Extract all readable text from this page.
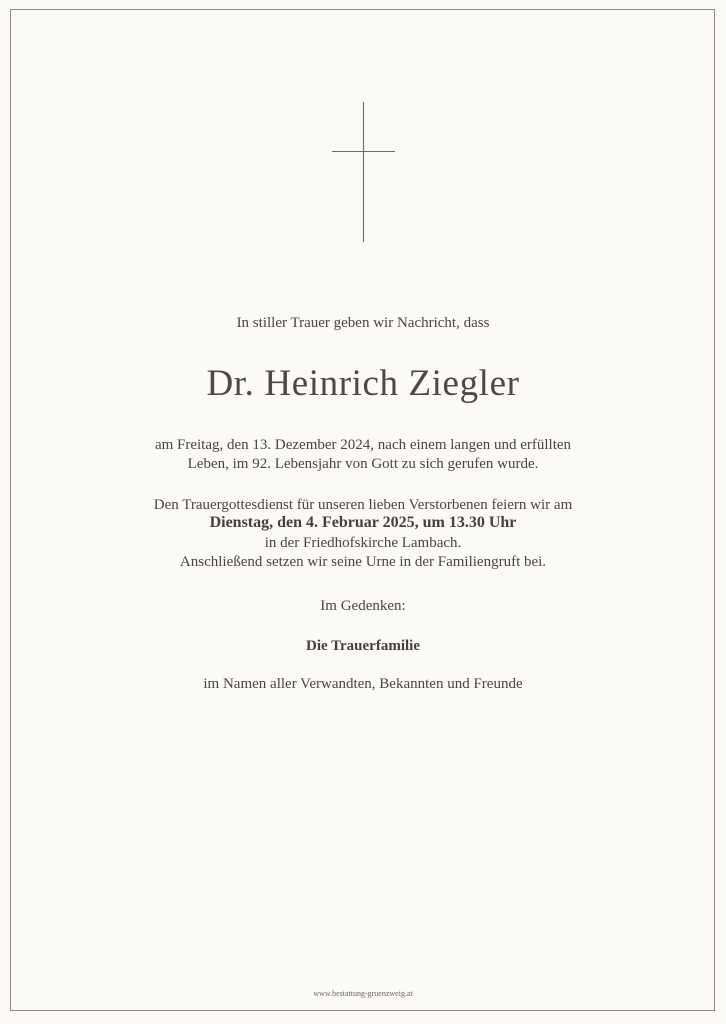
In stiller Trauer geben wir Nachricht, dass
Dr. Heinrich Ziegler
am Freitag, den 13. Dezember 2024, nach einem langen und erfüllten
Leben, im 92. Lebensjahr von Gott zu sich gerufen wurde.
Den Trauergottesdienst für unseren lieben Verstorbenen feiern wir am
Dienstag, den 4. Februar 2025, um 13.30 Uhr
in der Friedhofskirche Lambach.
Anschließend setzen wir seine Urne in der Familiengruft bei.
Im Gedenken:
Die Trauerfamilie
im Namen aller Verwandten, Bekannten und Freunde
www.bestattung-gruenzweig.at
